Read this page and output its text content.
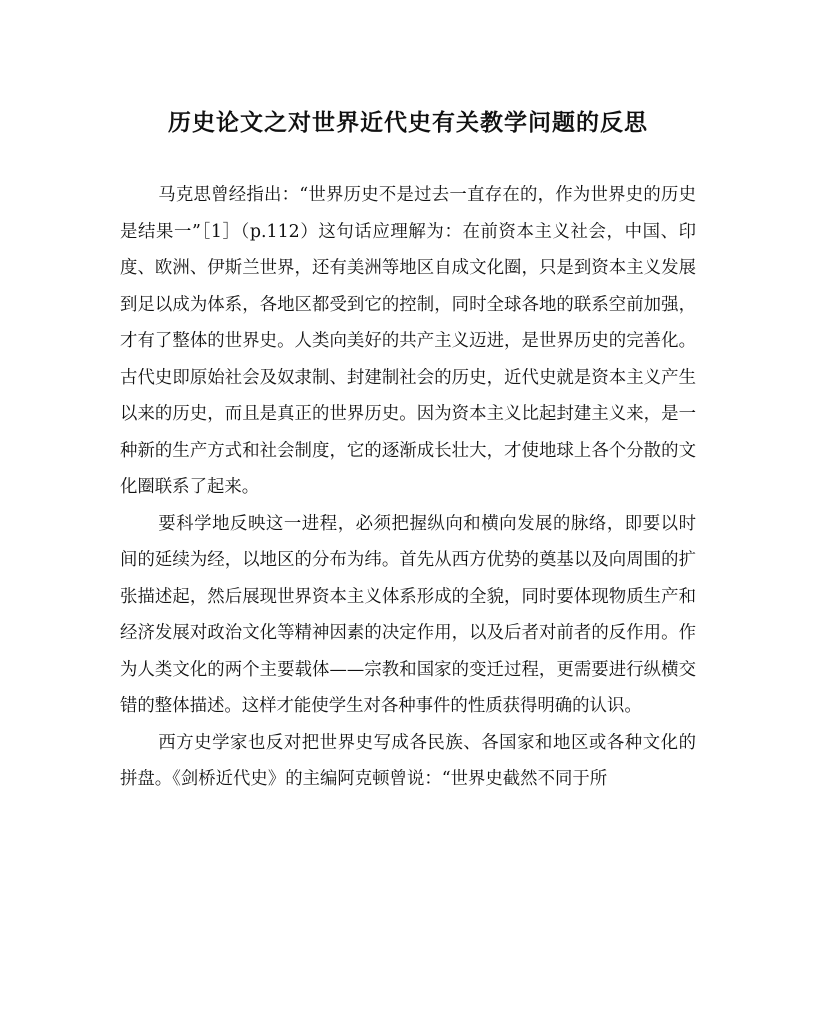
历史论文之对世界近代史有关教学问题的反思

马克思曾经指出：“世界历史不是过去一直存在的，作为世界史的历史是结果一”［1］（p.112）这句话应理解为：在前资本主义社会，中国、印度、欧洲、伊斯兰世界，还有美洲等地区自成文化圈，只是到资本主义发展到足以成为体系，各地区都受到它的控制，同时全球各地的联系空前加强，才有了整体的世界史。人类向美好的共产主义迈进，是世界历史的完善化。古代史即原始社会及奴隶制、封建制社会的历史，近代史就是资本主义产生以来的历史，而且是真正的世界历史。因为资本主义比起封建主义来，是一种新的生产方式和社会制度，它的逐渐成长壮大，才使地球上各个分散的文化圈联系了起来。

要科学地反映这一进程，必须把握纵向和横向发展的脉络，即要以时间的延续为经，以地区的分布为纬。首先从西方优势的奠基以及向周围的扩张描述起，然后展现世界资本主义体系形成的全貌，同时要体现物质生产和经济发展对政治文化等精神因素的决定作用，以及后者对前者的反作用。作为人类文化的两个主要载体——宗教和国家的变迁过程，更需要进行纵横交错的整体描述。这样才能使学生对各种事件的性质获得明确的认识。

西方史学家也反对把世界史写成各民族、各国家和地区或各种文化的拼盘。《剑桥近代史》的主编阿克顿曾说：“世界史截然不同于所
